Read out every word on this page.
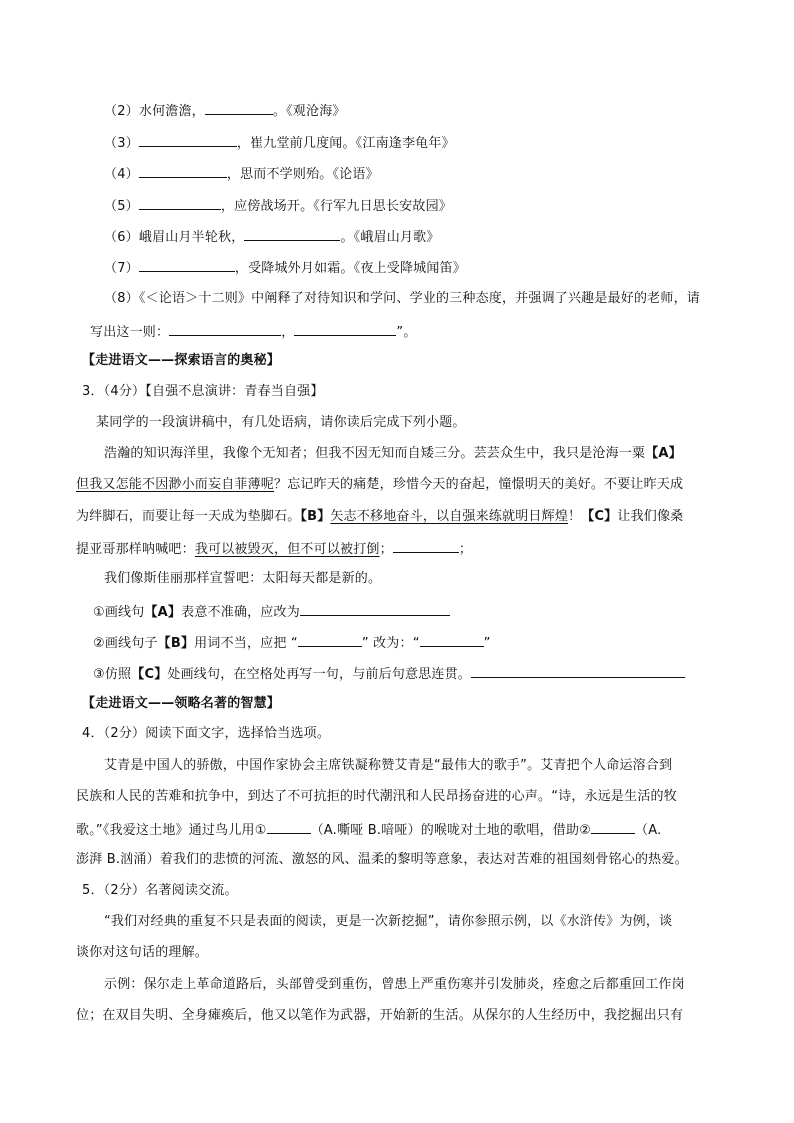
（2）水何澹澹，	。《观沧海》
（3）	，崔九堂前几度闻。《江南逢李龟年》
（4）	，思而不学则殆。《论语》
（5）	，应傍战场开。《行军九日思长安故园》
（6）峨眉山月半轮秋，	。《峨眉山月歌》
（7）	，受降城外月如霜。《夜上受降城闻笛》
（8）《＜论语＞十二则》中阐释了对待知识和学问、学业的三种态度，并强调了兴趣是最好的老师，请
写出这一则：	，	”。
【走进语文——探索语言的奥秘】
3．（4分）【自强不息演讲：青春当自强】
某同学的一段演讲稿中，有几处语病，请你读后完成下列小题。
浩瀚的知识海洋里，我像个无知者；但我不因无知而自矮三分。芸芸众生中，我只是沧海一粟【A】
但我又怎能不因渺小而妄自菲薄呢？忘记昨天的痛楚，珍惜今天的奋起，憧憬明天的美好。不要让昨天成
为绊脚石，而要让每一天成为垫脚石。【B】矢志不移地奋斗，以自强来练就明日辉煌！【C】让我们像桑
提亚哥那样呐喊吧：我可以被毁灭，但不可以被打倒；	；
我们像斯佳丽那样宣誓吧：太阳每天都是新的。
①画线句【A】表意不准确，应改为
②画线句子【B】用词不当，应把 “	” 改为：“	”
③仿照【C】处画线句，在空格处再写一句，与前后句意思连贯。
【走进语文——领略名著的智慧】
4．（2分）阅读下面文字，选择恰当选项。
艾青是中国人的骄傲，中国作家协会主席铁凝称赞艾青是“最伟大的歌手”。艾青把个人命运溶合到
民族和人民的苦难和抗争中，到达了不可抗拒的时代潮汛和人民昂扬奋进的心声。“诗，永远是生活的牧
歌。”《我爱这土地》通过鸟儿用①	（A.嘶哑 B.喑哑）的喉咙对土地的歌唱，借助②	（A.
澎湃 B.汹涌）着我们的悲愤的河流、激怒的风、温柔的黎明等意象，表达对苦难的祖国刻骨铭心的热爱。
5．（2分）名著阅读交流。
“我们对经典的重复不只是表面的阅读，更是一次新挖掘”，请你参照示例，以《水浒传》为例，谈
谈你对这句话的理解。
示例：保尔走上革命道路后，头部曾受到重伤，曾患上严重伤寒并引发肺炎，痊愈之后都重回工作岗
位；在双目失明、全身瘫痪后，他又以笔作为武器，开始新的生活。从保尔的人生经历中，我挖掘出只有
